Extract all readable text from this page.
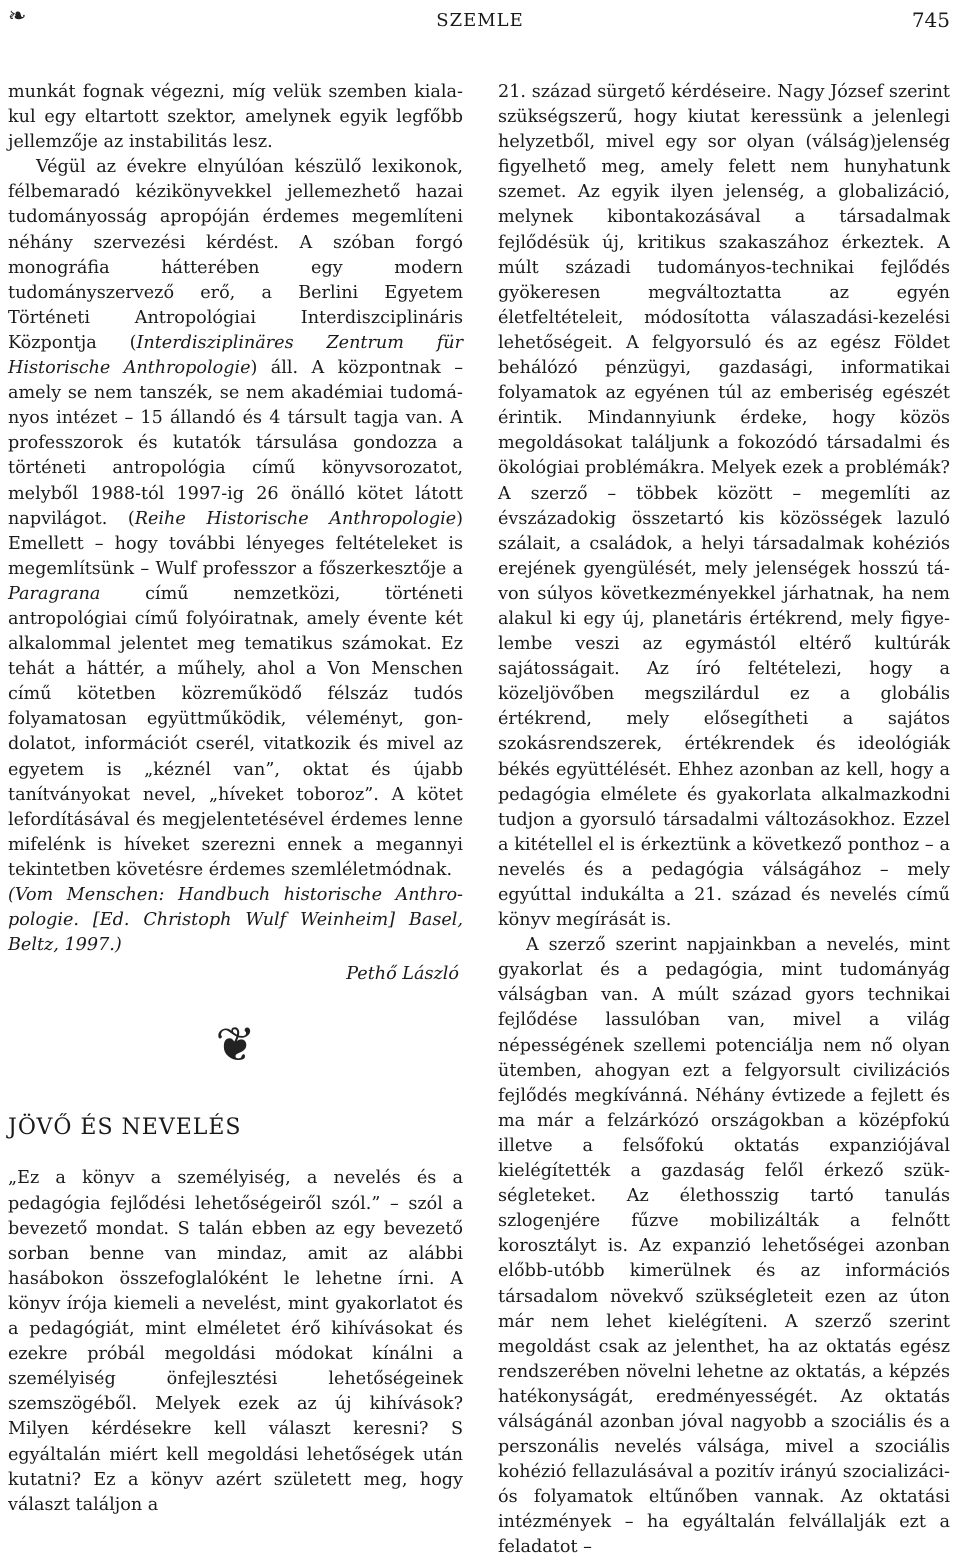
❧	SZEMLE	745

munkát fognak végezni, míg velük szemben kialakul egy eltartott szektor, amelynek egyik legfőbb jellemzője az instabilitás lesz.

Végül az évekre elnyúlóan készülő lexikonok, félbemaradó kézikönyvekkel jellemezhető hazai tudományosság apropóján érdemes megemlíteni néhány szervezési kérdést. A szóban forgó monográfia hátterében egy modern tudományszervező erő, a Berlini Egyetem Történeti Antropológiai Interdiszciplináris Központja (Interdisziplinäres Zentrum für Historische Anthropologie) áll. A központnak – amely se nem tanszék, se nem akadémiai tudományos intézet – 15 állandó és 4 társult tagja van. A professzorok és kutatók társulása gondozza a történeti antropológia című könyvsorozatot, melyből 1988-tól 1997-ig 26 önálló kötet látott napvilágot. (Reihe Historische Anthropologie) Emellett – hogy további lényeges feltételeket is megemlítsünk – Wulf professzor a főszerkesztője a Paragrana című nemzetközi, történeti antropológiai című folyóiratnak, amely évente két alkalommal jelentet meg tematikus számokat. Ez tehát a háttér, a műhely, ahol a Von Menschen című kötetben közreműködő félszáz tudós folyamatosan együttműködik, véleményt, gondolatot, információt cserél, vitatkozik és mivel az egyetem is „kéznél van”, oktat és újabb tanítványokat nevel, „híveket toboroz”. A kötet lefordításával és megjelentetésével érdemes lenne mifelénk is híveket szerezni ennek a megannyi tekintetben követésre érdemes szemléletmódnak.

(Vom Menschen: Handbuch historische Anthropologie. [Ed. Christoph Wulf Weinheim] Basel, Beltz, 1997.)

Pethő László

❦

JÖVŐ ÉS NEVELÉS

„Ez a könyv a személyiség, a nevelés és a pedagógia fejlődési lehetőségeiről szól.” – szól a bevezető mondat. S talán ebben az egy bevezető sorban benne van mindaz, amit az alábbi hasábokon összefoglalóként le lehetne írni. A könyv írója kiemeli a nevelést, mint gyakorlatot és a pedagógiát, mint elméletet érő kihívásokat és ezekre próbál megoldási módokat kínálni a személyiség önfejlesztési lehetőségeinek szemszögéből. Melyek ezek az új kihívások? Milyen kérdésekre kell választ keresni? S egyáltalán miért kell megoldási lehetőségek után kutatni? Ez a könyv azért született meg, hogy választ találjon a

21. század sürgető kérdéseire. Nagy József szerint szükségszerű, hogy kiutat keressünk a jelenlegi helyzetből, mivel egy sor olyan (válság)jelenség figyelhető meg, amely felett nem hunyhatunk szemet. Az egyik ilyen jelenség, a globalizáció, melynek kibontakozásával a társadalmak fejlődésük új, kritikus szakaszához érkeztek. A múlt századi tudományos-technikai fejlődés gyökeresen megváltoztatta az egyén életfeltételeit, módosította válaszadási-kezelési lehetőségeit. A felgyorsuló és az egész Földet behálózó pénzügyi, gazdasági, informatikai folyamatok az egyénen túl az emberiség egészét érintik. Mindannyiunk érdeke, hogy közös megoldásokat találjunk a fokozódó társadalmi és ökológiai problémákra. Melyek ezek a problémák? A szerző – többek között – megemlíti az évszázadokig összetartó kis közösségek lazuló szálait, a családok, a helyi társadalmak kohéziós erejének gyengülését, mely jelenségek hosszú távon súlyos következményekkel járhatnak, ha nem alakul ki egy új, planetáris értékrend, mely figyelembe veszi az egymástól eltérő kultúrák sajátosságait. Az író feltételezi, hogy a közeljövőben megszilárdul ez a globális értékrend, mely elősegítheti a sajátos szokásrendszerek, értékrendek és ideológiák békés együttélését. Ehhez azonban az kell, hogy a pedagógia elmélete és gyakorlata alkalmazkodni tudjon a gyorsuló társadalmi változásokhoz. Ezzel a kitétellel el is érkeztünk a következő ponthoz – a nevelés és a pedagógia válságához – mely egyúttal indukálta a 21. század és nevelés című könyv megírását is.

A szerző szerint napjainkban a nevelés, mint gyakorlat és a pedagógia, mint tudományág válságban van. A múlt század gyors technikai fejlődése lassulóban van, mivel a világ népességének szellemi potenciálja nem nő olyan ütemben, ahogyan ezt a felgyorsult civilizációs fejlődés megkívánná. Néhány évtizede a fejlett és ma már a felzárkózó országokban a középfokú illetve a felsőfokú oktatás expanziójával kielégítették a gazdaság felől érkező szükségleteket. Az élethosszig tartó tanulás szlogenjére fűzve mobilizálták a felnőtt korosztályt is. Az expanzió lehetőségei azonban előbb-utóbb kimerülnek és az információs társadalom növekvő szükségleteit ezen az úton már nem lehet kielégíteni. A szerző szerint megoldást csak az jelenthet, ha az oktatás egész rendszerében növelni lehetne az oktatás, a képzés hatékonyságát, eredményességét. Az oktatás válságánál azonban jóval nagyobb a szociális és a perszonális nevelés válsága, mivel a szociális kohézió fellazulásával a pozitív irányú szocializációs folyamatok eltűnőben vannak. Az oktatási intézmények – ha egyáltalán felvállalják ezt a feladatot –
